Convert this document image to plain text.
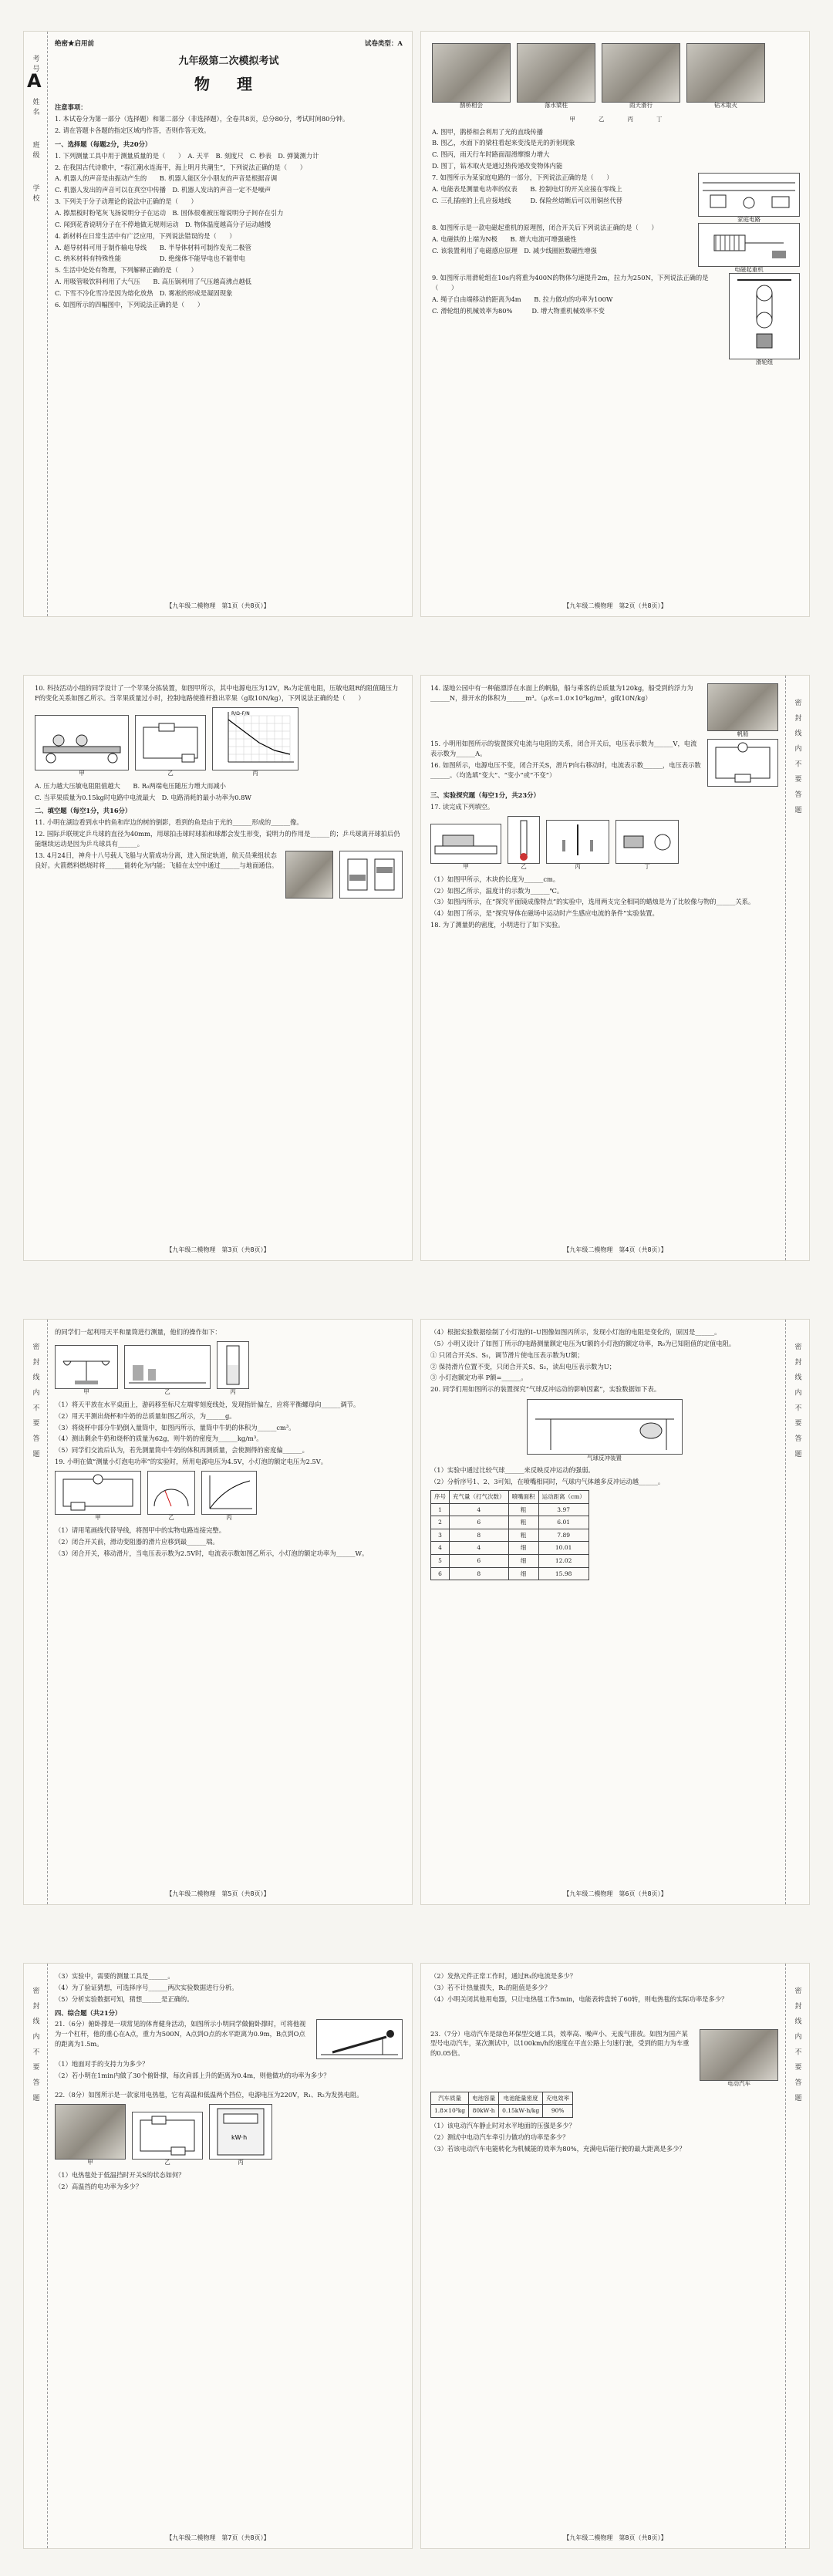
考号
姓名
班级
学校
A
绝密★启用前	试卷类型：A
九年级第二次模拟考试
物 理

注意事项：

1. 本试卷分为第一部分（选择题）和第二部分（非选择题），全卷共8页，总分80分，考试时间80分钟。

2. 请在答题卡各题的指定区域内作答，否则作答无效。

一、选择题（每题2分，共20分）

1. 下列测量工具中用于测量质量的是（　　）　A. 天平　B. 刻度尺　C. 秒表　D. 弹簧测力计

2. 在我国古代诗歌中，“春江潮水连海平，海上明月共潮生”，下列说法正确的是（　　）

A. 机器人的声音是由振动产生的　　B. 机器人能区分小朋友的声音是根据音调

C. 机器人发出的声音可以在真空中传播　D. 机器人发出的声音一定不是噪声

3. 下列关于分子动理论的说法中正确的是（　　）

A. 擦黑板时粉笔灰飞扬说明分子在运动　B. 固体很难被压缩说明分子间存在引力

C. 闻到花香说明分子在不停地做无规则运动　D. 物体温度越高分子运动越慢

4. 新材料在日常生活中有广泛应用，下列说法错误的是（　　）

A. 超导材料可用于制作输电导线　　B. 半导体材料可制作发光二极管

C. 纳米材料有特殊性能　　　　　　D. 绝缘体不能导电也不能带电

5. 生活中处处有物理，下列解释正确的是（　　）

A. 用吸管吸饮料利用了大气压　　B. 高压锅利用了气压越高沸点越低

C. 下雪不冷化雪冷是因为熔化放热　D. 雾凇的形成是凝固现象

6. 如图所示的四幅图中，下列说法正确的是（　　）

【九年级二模物理　第1页（共8页）】
鹊桥相会	落水梁柱	雨天滑行	钻木取火
甲	乙	丙	丁

A. 图甲，鹊桥相会利用了光的直线传播

B. 图乙，水面下的梁柱看起来变浅是光的折射现象

C. 图丙，雨天行车时路面湿滑摩擦力增大

D. 图丁，钻木取火是通过热传递改变物体内能

7. 如图所示为某家庭电路的一部分，下列说法正确的是（　　）

A. 电能表是测量电功率的仪表　　B. 控制电灯的开关应接在零线上

C. 三孔插座的上孔应接地线　　　D. 保险丝熔断后可以用铜丝代替

家庭电路

8. 如图所示是一款电磁起重机的原理图，闭合开关后下列说法正确的是（　　）

A. 电磁铁的上端为N极　　B. 增大电流可增强磁性

C. 该装置利用了电磁感应原理　D. 减少线圈匝数磁性增强

电磁起重机

9. 如图所示用滑轮组在10s内将重为400N的物体匀速提升2m，拉力为250N，下列说法正确的是（　　）

A. 绳子自由端移动的距离为4m　　B. 拉力做功的功率为100W

C. 滑轮组的机械效率为80%　　　D. 增大物重机械效率不变

滑轮组
【九年级二模物理　第2页（共8页）】

10. 科技活动小组的同学设计了一个苹果分拣装置，如图甲所示，其中电源电压为12V，R₀为定值电阻，压敏电阻R的阻值随压力F的变化关系如图乙所示。当苹果质量过小时，控制电路使推杆推出苹果（g取10N/kg），下列说法正确的是（　　）

甲	乙
R/Ω–F/N
丙

A. 压力越大压敏电阻阻值越大　　B. R₀两端电压随压力增大而减小

C. 当苹果质量为0.15kg时电路中电流最大　D. 电路消耗的最小功率为0.8W

二、填空题（每空1分，共16分）

11. 小明在湖边看到水中的鱼和岸边的树的倒影，看到的鱼是由于光的______形成的______像。

12. 国际乒联规定乒乓球的直径为40mm，用球拍击球时球拍和球都会发生形变，说明力的作用是______的；乒乓球离开球拍后仍能继续运动是因为乒乓球具有______。

13. 4月24日，神舟十八号载人飞船与火箭成功分离，进入预定轨道，航天员乘组状态良好。火箭燃料燃烧时将______能转化为内能；飞船在太空中通过______与地面通信。

【九年级二模物理　第3页（共8页）】
密 封 线 内 不 要 答 题

14. 湿地公园中有一种能漂浮在水面上的帆船，船与乘客的总质量为120kg，船受到的浮力为______N，排开水的体积为______m³。（ρ水=1.0×10³kg/m³，g取10N/kg）

帆船

15. 小明用如图所示的装置探究电流与电阻的关系，闭合开关后，电压表示数为______V，电流表示数为______A。

16. 如图所示，电源电压不变，闭合开关S，滑片P向右移动时，电流表示数______，电压表示数______。（均选填“变大”、“变小”或“不变”）

三、实验探究题（每空1分，共23分）

17. 读完成下列填空。

甲	乙	丙	丁

（1）如图甲所示，木块的长度为______cm。

（2）如图乙所示，温度计的示数为______℃。

（3）如图丙所示，在“探究平面镜成像特点”的实验中，选用两支完全相同的蜡烛是为了比较像与物的______关系。

（4）如图丁所示，是“探究导体在磁场中运动时产生感应电流的条件”实验装置。

18. 为了测量奶的密度，小明进行了如下实验。

【九年级二模物理　第4页（共8页）】
密 封 线 内 不 要 答 题

的同学们一起利用天平和量筒进行测量，他们的操作如下：

甲	乙	丙

（1）将天平放在水平桌面上，游码移至标尺左端零刻度线处，发现指针偏左，应将平衡螺母向______调节。

（2）用天平测出烧杯和牛奶的总质量如图乙所示，为______g。

（3）将烧杯中部分牛奶倒入量筒中，如图丙所示，量筒中牛奶的体积为______cm³。

（4）测出剩余牛奶和烧杯的质量为62g，则牛奶的密度为______kg/m³。

（5）同学们交流后认为，若先测量筒中牛奶的体积再测质量，会使测得的密度偏______。

19. 小明在做“测量小灯泡电功率”的实验时，所用电源电压为4.5V，小灯泡的额定电压为2.5V。

甲	乙	丙

（1）请用笔画线代替导线，将图甲中的实物电路连接完整。

（2）闭合开关前，滑动变阻器的滑片应移到最______端。

（3）闭合开关，移动滑片，当电压表示数为2.5V时，电流表示数如图乙所示，小灯泡的额定功率为______W。

【九年级二模物理　第5页（共8页）】
密 封 线 内 不 要 答 题

（4）根据实验数据绘制了小灯泡的I–U图像如图丙所示，发现小灯泡的电阻是变化的，原因是______。

（5）小明又设计了如图丁所示的电路测量额定电压为U额的小灯泡的额定功率，R₀为已知阻值的定值电阻。

① 只闭合开关S、S₁，调节滑片使电压表示数为U额；

② 保持滑片位置不变，只闭合开关S、S₂，读出电压表示数为U；

③ 小灯泡额定功率 P额=______。

20. 同学们用如图所示的装置探究“气球反冲运动的影响因素”，实验数据如下表。

气球反冲装置

（1）实验中通过比较气球______来反映反冲运动的强弱。

（2）分析序号1、2、3可知，在喷嘴相同时，气球内气体越多反冲运动越______。

序号	充气量（打气次数）	喷嘴面积	运动距离（cm）
1	4	粗	3.97
2	6	粗	6.01
3	8	粗	7.89
4	4	细	10.01
5	6	细	12.02
6	8	细	15.98
【九年级二模物理　第6页（共8页）】
密 封 线 内 不 要 答 题

（3）实验中，需要的测量工具是______。

（4）为了验证猜想，可选择序号______两次实验数据进行分析。

（5）分析实验数据可知，猜想______是正确的。

四、综合题（共21分）

21.（6分）俯卧撑是一项常见的体育健身活动，如图所示小明同学做俯卧撑时，可将他视为一个杠杆，他的重心在A点，重力为500N，A点到O点的水平距离为0.9m，B点到O点的距离为1.5m。

（1）地面对手的支持力为多少？

（2）若小明在1min内做了30个俯卧撑，每次肩部上升的距离为0.4m，则他做功的功率为多少？

22.（8分）如图所示是一款家用电热毯，它有高温和低温两个挡位，电源电压为220V，R₁、R₂为发热电阻。

甲	乙
kW·h
丙

（1）电热毯处于低温挡时开关S的状态如何？

（2）高温挡的电功率为多少？

【九年级二模物理　第7页（共8页）】
密 封 线 内 不 要 答 题

（2）发热元件正常工作时，通过R₁的电流是多少？

（3）若不计热量损失，R₂的阻值是多少？

（4）小明关闭其他用电器，只让电热毯工作5min，电能表转盘转了60转，则电热毯的实际功率是多少？

23.（7分）电动汽车是绿色环保型交通工具，效率高、噪声小、无废气排放。如图为国产某型号电动汽车，某次测试中，以100km/h的速度在平直公路上匀速行驶，受到的阻力为车重的0.05倍。

电动汽车
汽车质量	电池容量	电池能量密度	充电效率
1.8×10³kg	80kW·h	0.15kW·h/kg	90%

（1）该电动汽车静止时对水平地面的压强是多少？

（2）测试中电动汽车牵引力做功的功率是多少？

（3）若该电动汽车电能转化为机械能的效率为80%，充满电后能行驶的最大距离是多少？

【九年级二模物理　第8页（共8页）】
